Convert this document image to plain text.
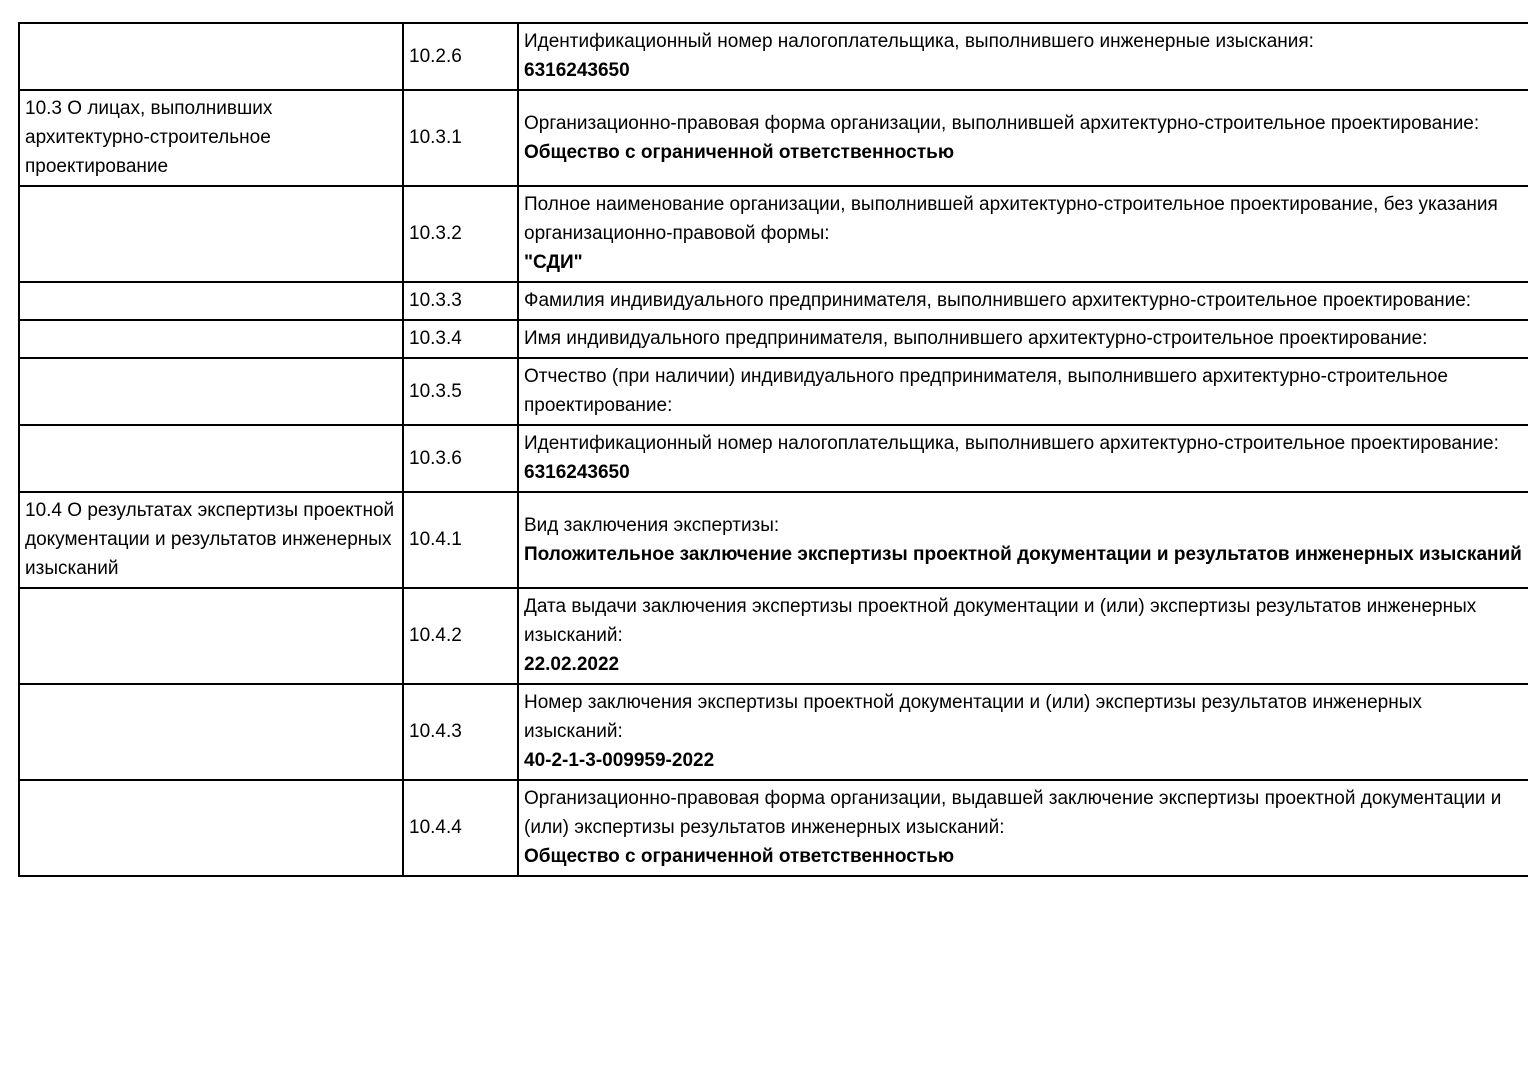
	10.2.6	Идентификационный номер налогоплательщика, выполнившего инженерные изыскания:
6316243650

10.3 О лицах, выполнивших архитектурно-строительное проектирование	10.3.1	Организационно-правовая форма организации, выполнившей архитектурно-строительное проектирование:
Общество с ограниченной ответственностью

	10.3.2	Полное наименование организации, выполнившей архитектурно-строительное проектирование, без указания организационно-правовой формы:
"СДИ"

	10.3.3	Фамилия индивидуального предпринимателя, выполнившего архитектурно-строительное проектирование:

	10.3.4	Имя индивидуального предпринимателя, выполнившего архитектурно-строительное проектирование:

	10.3.5	Отчество (при наличии) индивидуального предпринимателя, выполнившего архитектурно-строительное проектирование:

	10.3.6	Идентификационный номер налогоплательщика, выполнившего архитектурно-строительное проектирование:
6316243650

10.4 О результатах экспертизы проектной документации и результатов инженерных изысканий	10.4.1	Вид заключения экспертизы:
Положительное заключение экспертизы проектной документации и результатов инженерных изысканий

	10.4.2	Дата выдачи заключения экспертизы проектной документации и (или) экспертизы результатов инженерных изысканий:
22.02.2022

	10.4.3	Номер заключения экспертизы проектной документации и (или) экспертизы результатов инженерных изысканий:
40-2-1-3-009959-2022

	10.4.4	Организационно-правовая форма организации, выдавшей заключение экспертизы проектной документации и (или) экспертизы результатов инженерных изысканий:
Общество с ограниченной ответственностью
